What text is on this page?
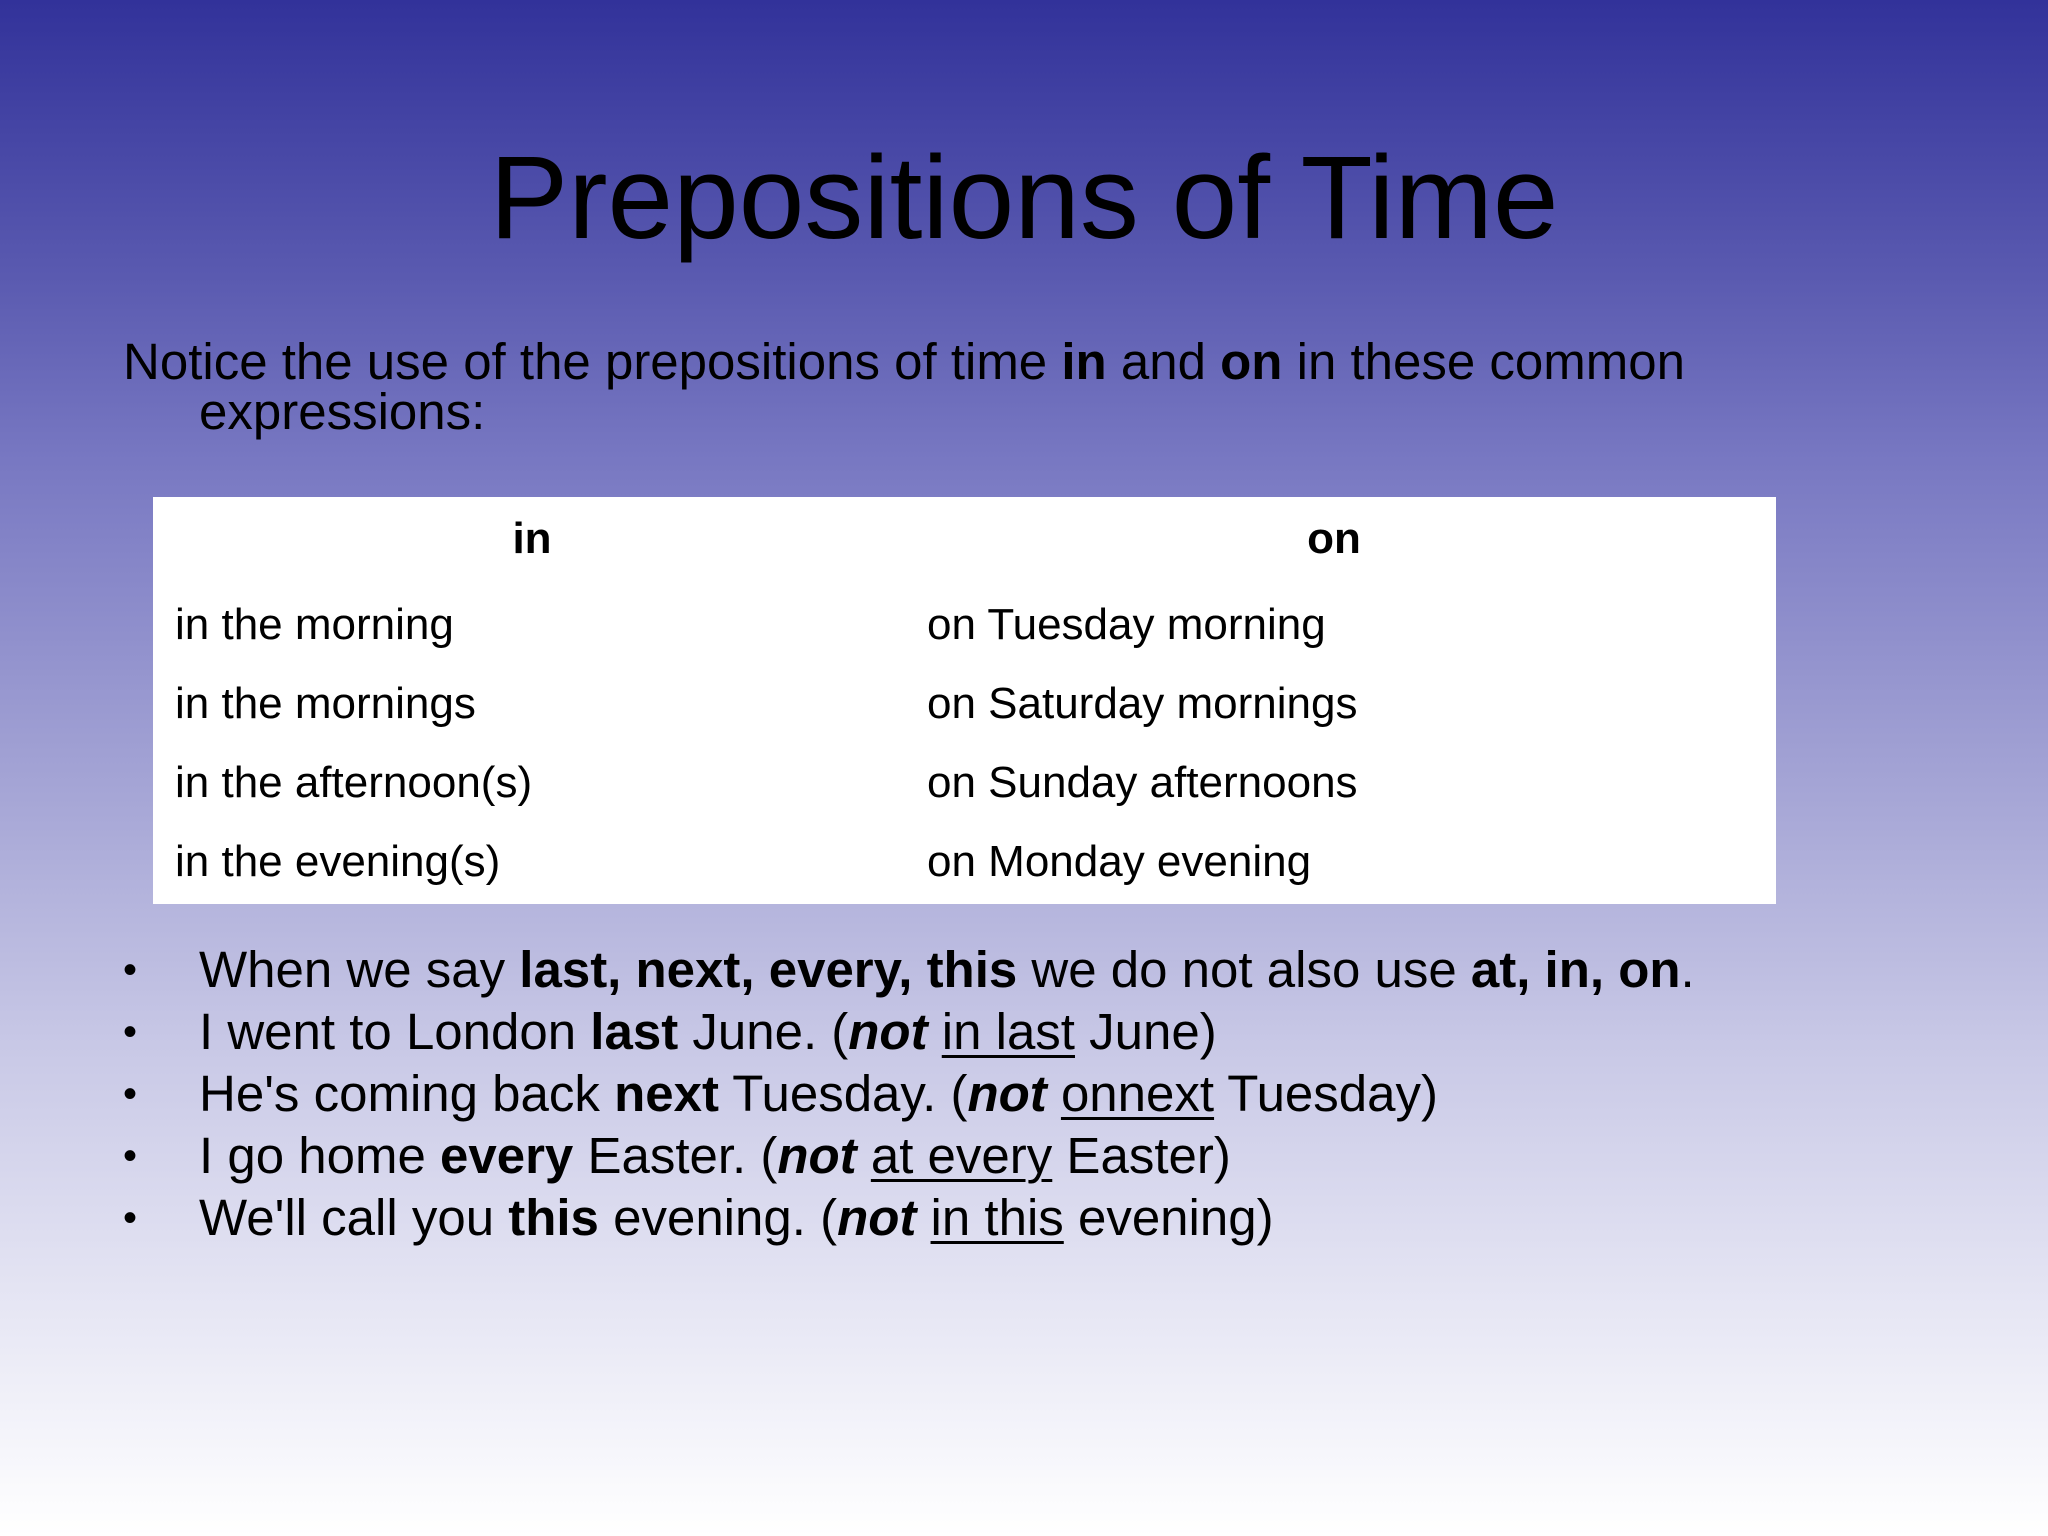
Prepositions of Time
Notice the use of the prepositions of time in and on in these common
expressions:
in
in the morning
in the mornings
in the afternoon(s)
in the evening(s)
on
on Tuesday morning
on Saturday mornings
on Sunday afternoons
on Monday evening
• When we say last, next, every, this we do not also use at, in, on.
• I went to London last June. (not in last June)
• He's coming back next Tuesday. (not onnext Tuesday)
• I go home every Easter. (not at every Easter)
• We'll call you this evening. (not in this evening)
